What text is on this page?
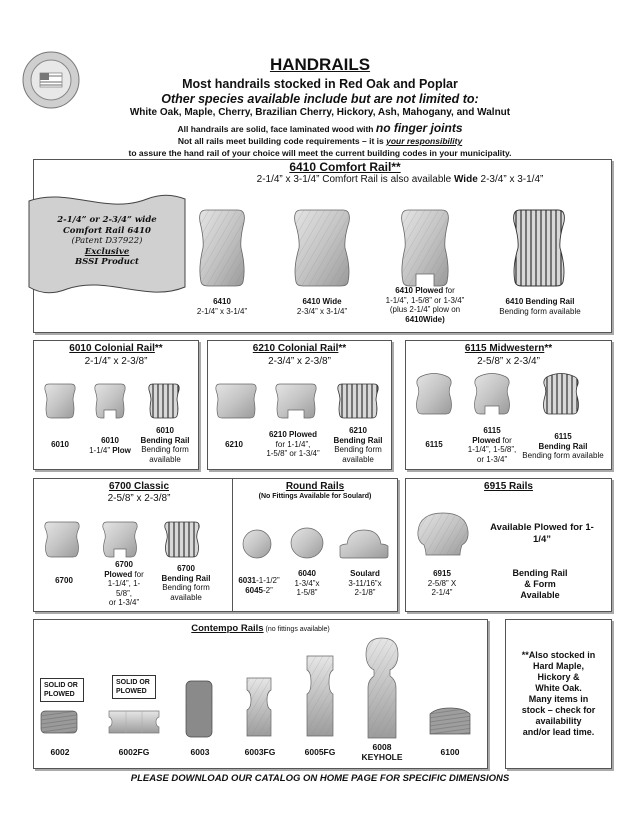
HANDRAILS
Most handrails stocked in Red Oak and Poplar
Other species available include but are not limited to:
White Oak, Maple, Cherry, Brazilian Cherry, Hickory, Ash, Mahogany, and Walnut
All handrails are solid, face laminated wood with no finger joints
Not all rails meet building code requirements – it is your responsibility
to assure the hand rail of your choice will meet the current building codes in your municipality.
6410 Comfort Rail**
2-1/4” x 3-1/4” Comfort Rail is also available Wide 2-3/4” x 3-1/4”
2-1/4” or 2-3/4” wide
Comfort Rail 6410
(Patent D37922)
Exclusive
BSSI Product
6410
2-1/4” x 3-1/4”
6410 Wide
2-3/4” x 3-1/4”
6410 Plowed for
1-1/4”, 1-5/8” or 1-3/4”
(plus 2-1/4” plow on
6410Wide)
6410 Bending Rail
Bending form available
6010 Colonial Rail**
2-1/4” x 2-3/8”
6010	6010
1-1/4” Plow
6010
Bending Rail
Bending form
available
6210 Colonial Rail**
2-3/4” x 2-3/8”
6210
6210 Plowed
for 1-1/4”,
1-5/8” or 1-3/4”
6210
Bending Rail
Bending form
available
6115 Midwestern**
2-5/8” x 2-3/4”
6115
6115
Plowed for
1-1/4”, 1-5/8”,
or 1-3/4”
6115
Bending Rail
Bending form available
6700 Classic
2-5/8” x 2-3/8”
6700
6700
Plowed for
1-1/4”, 1-
5/8”,
or 1-3/4”
6700
Bending Rail
Bending form
available
Round Rails
(No Fittings Available for Soulard)
6031-1-1/2”
6045-2”
6040
1-3/4”x
1-5/8”
Soulard
3-11/16”x
2-1/8”
6915 Rails
Available Plowed for 1-1/4”
6915
2-5/8” X
2-1/4”
Bending Rail
& Form
Available
Contempo Rails (no fittings available)
SOLID OR PLOWED
SOLID OR PLOWED
6002	6002FG	6003	6003FG	6005FG	6008
KEYHOLE	6100
**Also stocked in
Hard Maple,
Hickory &
White Oak.
Many items in
stock – check for
availability
and/or lead time.
PLEASE DOWNLOAD OUR CATALOG ON HOME PAGE FOR SPECIFIC DIMENSIONS
